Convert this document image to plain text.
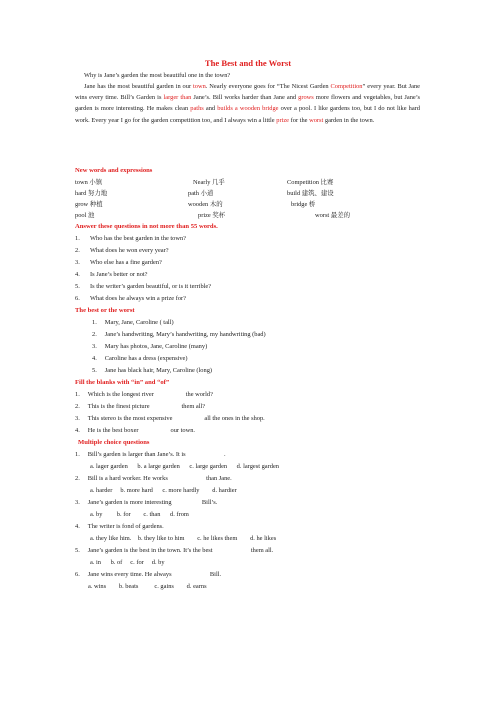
The Best and the Worst
Why is Jane’s garden the most beautiful one in the town?
Jane has the most beautiful garden in our town. Nearly everyone goes for “The Nicest Garden Competition” every year. But Jane wins every time. Bill’s Garden is larger than Jane’s. Bill works harder than Jane and grows more flowers and vegetables, but Jane’s garden is more interesting. He makes clean paths and builds a wooden bridge over a pool. I like gardens too, but I do not like hard work. Every year I go for the garden competition too, and I always win a little prize for the worst garden in the town.
New words and expressions
town 小镇	Nearly 几乎	Competition 比赛
hard 努力地	path 小道	build 建筑、建设
grow 种植	wooden 木的	bridge 桥
pool 池	prize 奖杯	worst 最差的
Answer these questions in not more than 55 words.
1. Who has the best garden in the town?
2. What does he won every year?
3. Who else has a fine garden?
4. Is Jane’s better or not?
5. Is the writer’s garden beautiful, or is it terrible?
6. What does he always win a prize for?
The best or the worst
1. Mary, Jane, Caroline ( tall)
2. Jane’s handwriting, Mary’s handwriting, my handwriting (bad)
3. Mary has photos, Jane, Caroline (many)
4. Caroline has a dress (expensive)
5. Jane has black hair, Mary, Caroline (long)
Fill the blanks with “in” and “of”
1. Which is the longest river                    the world?
2. This is the finest picture                    them all?
3. This stereo is the most expensive                    all the ones in the shop.
4. He is the best boxer                    our town.
Multiple choice questions
1. Bill’s garden is larger than Jane’s. It is                        .
a. lager garden      b. a large garden      c. large garden      d. largest garden
2. Bill is a hard worker. He works                        than Jane.
a. harder     b. more hard      c. more hardly        d. hardier
3. Jane’s garden is more interesting                   Bill’s.
a. by         b. for        c. than      d. from
4. The writer is fond of gardens.
a. they like him.    b. they like to him        c. he likes them        d. he likes
5. Jane’s garden is the best in the town. It’s the best                        them all.
a. in      b. of     c. for     d. by
6. Jane wins every time. He always                        Bill.
a. wins        b. beats          c. gains        d. earns
